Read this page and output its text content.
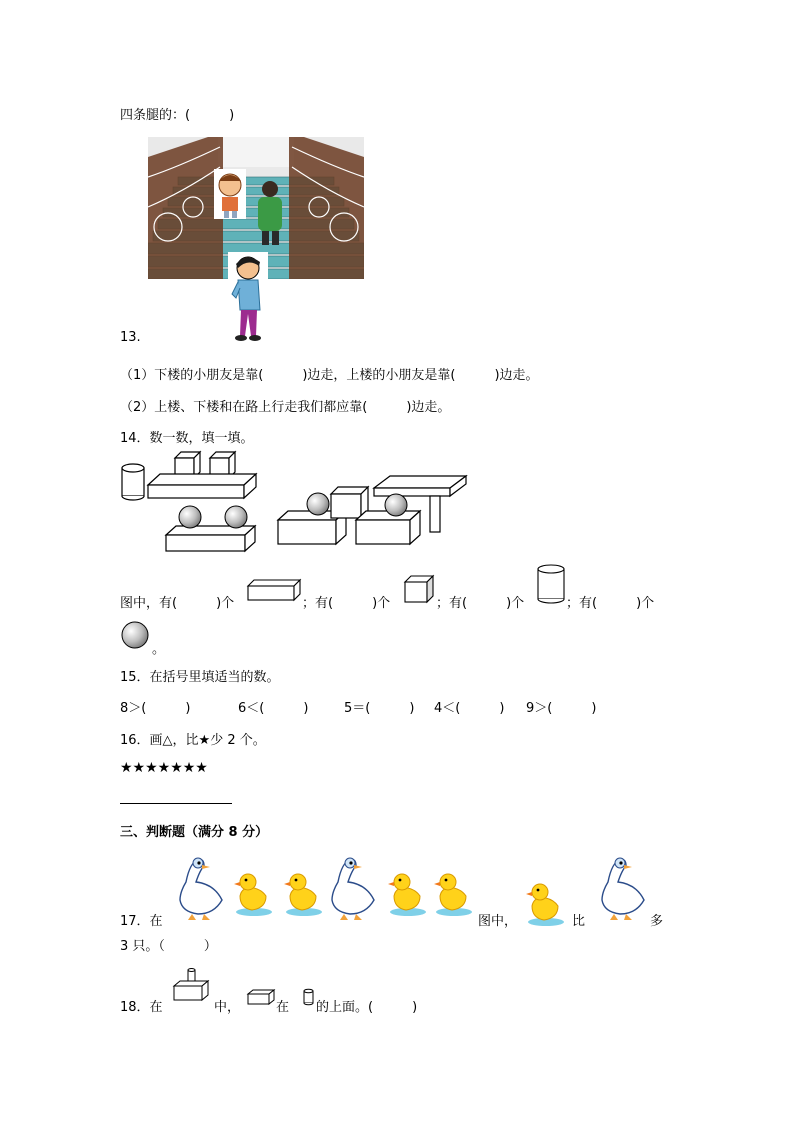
四条腿的：(　　　)
13.
（1）下楼的小朋友是靠(　　　)边走，上楼的小朋友是靠(　　　)边走。
（2）上楼、下楼和在路上行走我们都应靠(　　　)边走。
14．数一数，填一填。
图中，有(　　　)个	；有(　　　)个	；有(　　　)个	；有(　　　)个
。
15．在括号里填适当的数。
8＞(　　　)	6＜(　　　)	5＝(　　　) 4＜(　　　) 9＞(　　　)
16．画△，比★少 2 个。
★★★★★★★
三、判断题（满分 8 分）
17．在	图中，	比	多
3 只。（　　　）
18．在	中，	在 的上面。(　　　)
